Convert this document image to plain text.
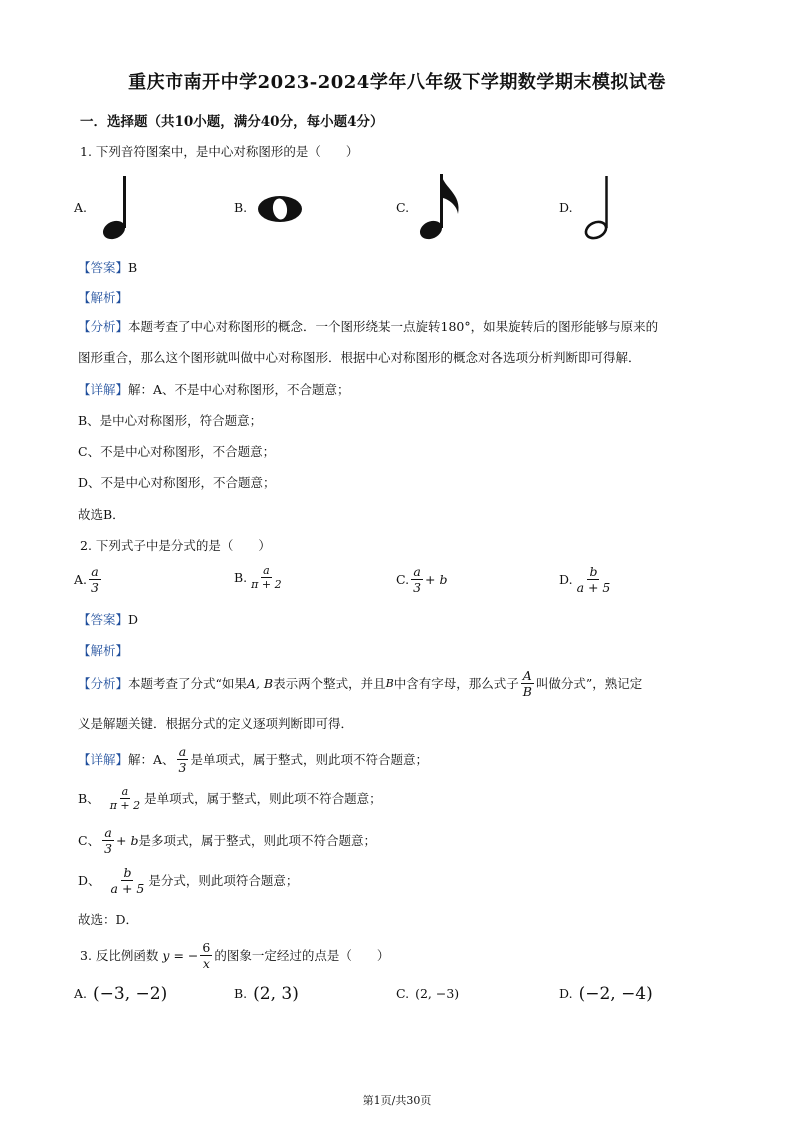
重庆市南开中学2023-2024学年八年级下学期数学期末模拟试卷
一．选择题（共10小题，满分40分，每小题4分）
1. 下列音符图案中，是中心对称图形的是（　　）
A.	B.	C.	D.
【答案】B
【解析】
【分析】本题考查了中心对称图形的概念．一个图形绕某一点旋转180°，如果旋转后的图形能够与原来的
图形重合，那么这个图形就叫做中心对称图形．根据中心对称图形的概念对各选项分析判断即可得解．
【详解】解：A、不是中心对称图形，不合题意；
B、是中心对称图形，符合题意；
C、不是中心对称图形，不合题意；
D、不是中心对称图形，不合题意；
故选B．
2. 下列式子中是分式的是（　　）
A. $\frac{a}{3}$	B. $\frac{a}{\pi + 2}$	C. $\frac{a}{3} + b$	D. $\frac{b}{a + 5}$
【答案】D
【解析】
【分析】 本题考查了分式“如果 A, B 表示两个整式，并且 B 中含有字母，那么式子 $\frac{A}{B}$ 叫做分式”，熟记定
义是解题关键．根据分式的定义逐项判断即可得．
【详解】 解：A、 $\frac{a}{3}$ 是单项式，属于整式，则此项不符合题意；
B、 $\frac{a}{\pi + 2}$ 是单项式，属于整式，则此项不符合题意；
C、 $\frac{a}{3} + b$ 是多项式，属于整式，则此项不符合题意；
D、 $\frac{b}{a + 5}$ 是分式，则此项符合题意；
故选：D．
3. 反比例函数 y = − $\frac{6}{x}$ 的图象一定经过的点是（　　）
A. (−3, −2)	B. (2, 3)	C. (2, −3)	D. (−2, −4)
第1页/共30页
